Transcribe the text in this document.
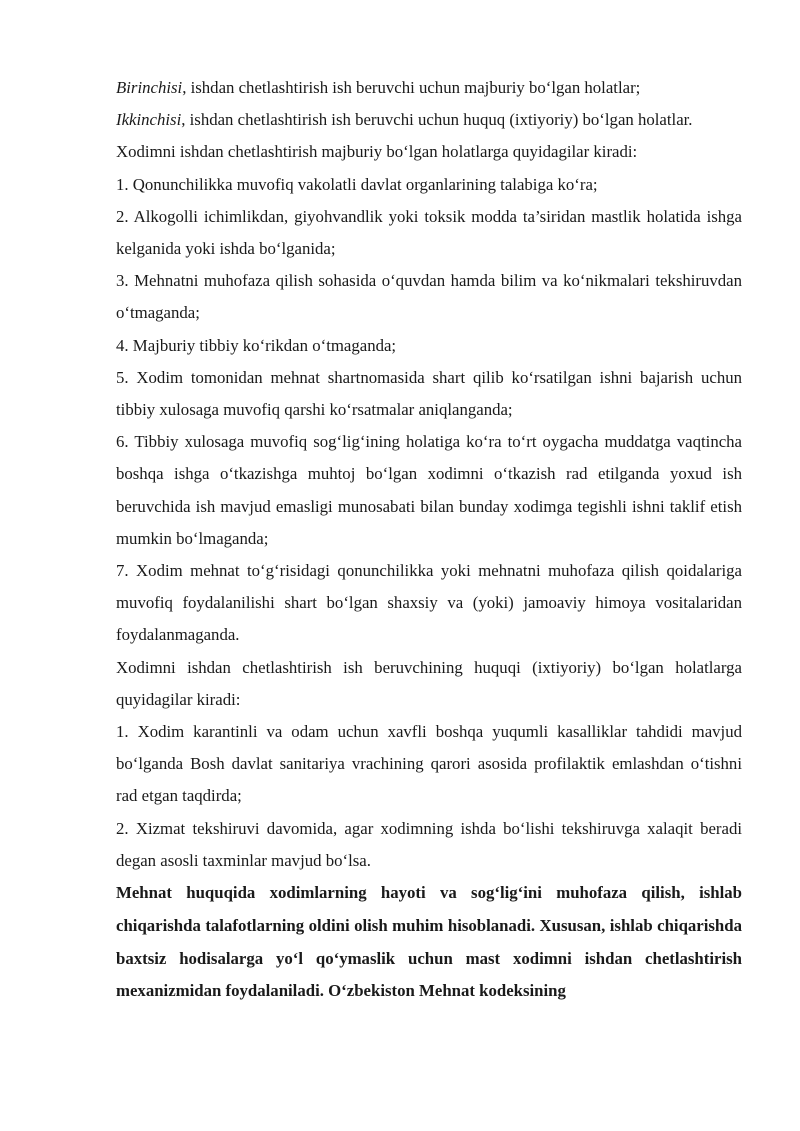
Birinchisi, ishdan chetlashtirish ish beruvchi uchun majburiy bo‘lgan holatlar;

Ikkinchisi, ishdan chetlashtirish ish beruvchi uchun huquq (ixtiyoriy) bo‘lgan holatlar.

Xodimni ishdan chetlashtirish majburiy bo‘lgan holatlarga quyidagilar kiradi:

1. Qonunchilikka muvofiq vakolatli davlat organlarining talabiga ko‘ra;

2. Alkogolli ichimlikdan, giyohvandlik yoki toksik modda ta’siridan mastlik holatida ishga kelganida yoki ishda bo‘lganida;

3. Mehnatni muhofaza qilish sohasida o‘quvdan hamda bilim va ko‘nikmalari tekshiruvdan o‘tmaganda;

4. Majburiy tibbiy ko‘rikdan o‘tmaganda;

5. Xodim tomonidan mehnat shartnomasida shart qilib ko‘rsatilgan ishni bajarish uchun tibbiy xulosaga muvofiq qarshi ko‘rsatmalar aniqlanganda;

6. Tibbiy xulosaga muvofiq sog‘lig‘ining holatiga ko‘ra to‘rt oygacha muddatga vaqtincha boshqa ishga o‘tkazishga muhtoj bo‘lgan xodimni o‘tkazish rad etilganda yoxud ish beruvchida ish mavjud emasligi munosabati bilan bunday xodimga tegishli ishni taklif etish mumkin bo‘lmaganda;

7. Xodim mehnat to‘g‘risidagi qonunchilikka yoki mehnatni muhofaza qilish qoidalariga muvofiq foydalanilishi shart bo‘lgan shaxsiy va (yoki) jamoaviy himoya vositalaridan foydalanmaganda.

Xodimni ishdan chetlashtirish ish beruvchining huquqi (ixtiyoriy) bo‘lgan holatlarga quyidagilar kiradi:

1. Xodim karantinli va odam uchun xavfli boshqa yuqumli kasalliklar tahdidi mavjud bo‘lganda Bosh davlat sanitariya vrachining qarori asosida profilaktik emlashdan o‘tishni rad etgan taqdirda;

2. Xizmat tekshiruvi davomida, agar xodimning ishda bo‘lishi tekshiruvga xalaqit beradi degan asosli taxminlar mavjud bo‘lsa.

Mehnat huquqida xodimlarning hayoti va sog‘lig‘ini muhofaza qilish, ishlab chiqarishda talafotlarning oldini olish muhim hisoblanadi. Xususan, ishlab chiqarishda baxtsiz hodisalarga yo‘l qo‘ymaslik uchun mast xodimni ishdan chetlashtirish mexanizmidan foydalaniladi. O‘zbekiston Mehnat kodeksining
